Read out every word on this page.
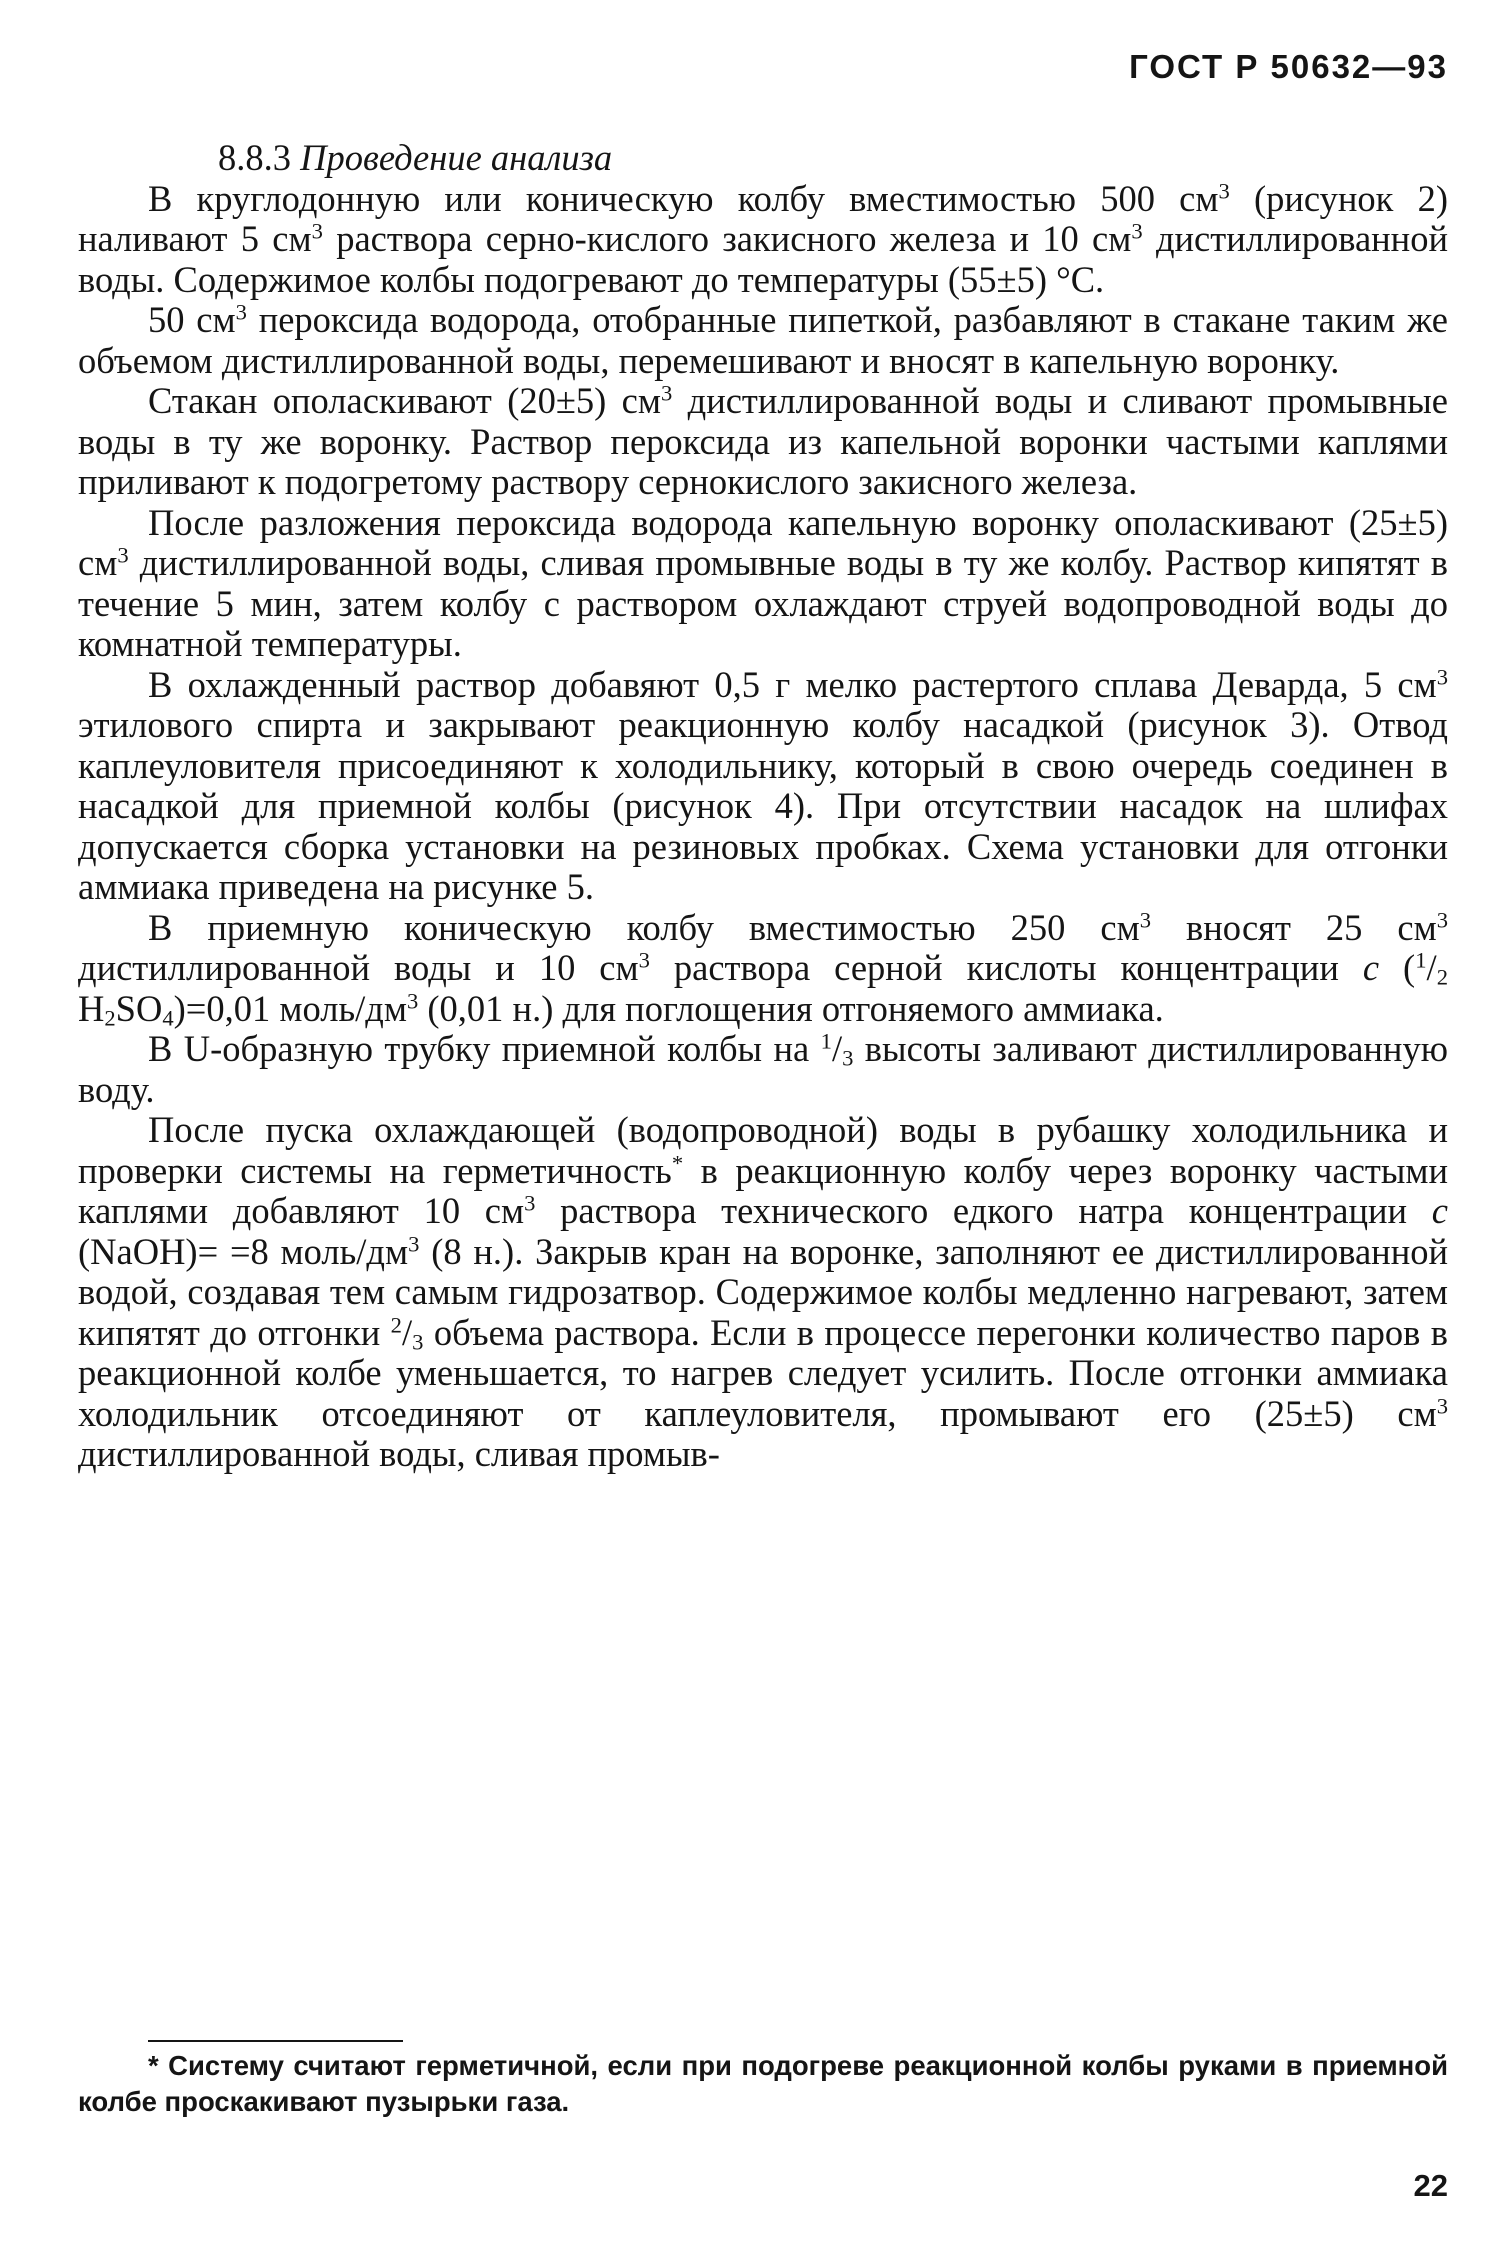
ГОСТ Р 50632—93

8.8.3 Проведение анализа

В круглодонную или коническую колбу вместимостью 500 $см^3$ (рисунок 2) наливают 5 $см^3$ раствора серно-кислого закисного железа и 10 $см^3$ дистиллированной воды. Содержимое колбы подогревают до температуры (55±5) °С.

50 $см^3$ пероксида водорода, отобранные пипеткой, разбавляют в стакане таким же объемом дистиллированной воды, перемешивают и вносят в капельную воронку.

Стакан ополаскивают (20±5) $см^3$ дистиллированной воды и сливают промывные воды в ту же воронку. Раствор пероксида из капельной воронки частыми каплями приливают к подогретому раствору сернокислого закисного железа.

После разложения пероксида водорода капельную воронку ополаскивают (25±5) $см^3$ дистиллированной воды, сливая промывные воды в ту же колбу. Раствор кипятят в течение 5 мин, затем колбу с раствором охлаждают струей водопроводной воды до комнатной температуры.

В охлажденный раствор добавяют 0,5 г мелко растертого сплава Деварда, 5 $см^3$ этилового спирта и закрывают реакционную колбу насадкой (рисунок 3). Отвод каплеуловителя присоединяют к холодильнику, который в свою очередь соединен в насадкой для приемной колбы (рисунок 4). При отсутствии насадок на шлифах допускается сборка установки на резиновых пробках. Схема установки для отгонки аммиака приведена на рисунке 5.

В приемную коническую колбу вместимостью 250 $см^3$ вносят 25 $см^3$ дистиллированной воды и 10 $см^3$ раствора серной кислоты концентрации c ($^1/_2$ $H_2SO_4)=0,01$ моль/$дм^3$ (0,01 н.) для поглощения отгоняемого аммиака.

В U-образную трубку приемной колбы на $^1/_3$ высоты заливают дистиллированную воду.

После пуска охлаждающей (водопроводной) воды в рубашку холодильника и проверки системы на герметичность* в реакционную колбу через воронку частыми каплями добавляют 10 $см^3$ раствора технического едкого натра концентрации c (NaOH)= =8 моль/$дм^3$ (8 н.). Закрыв кран на воронке, заполняют ее дистиллированной водой, создавая тем самым гидрозатвор. Содержимое колбы медленно нагревают, затем кипятят до отгонки $^2/_3$ объема раствора. Если в процессе перегонки количество паров в реакционной колбе уменьшается, то нагрев следует усилить. После отгонки аммиака холодильник отсоединяют от каплеуловителя, промывают его (25±5) $см^3$ дистиллированной воды, сливая промыв-

* Систему считают герметичной, если при подогреве реакционной колбы руками в приемной колбе проскакивают пузырьки газа.

22
